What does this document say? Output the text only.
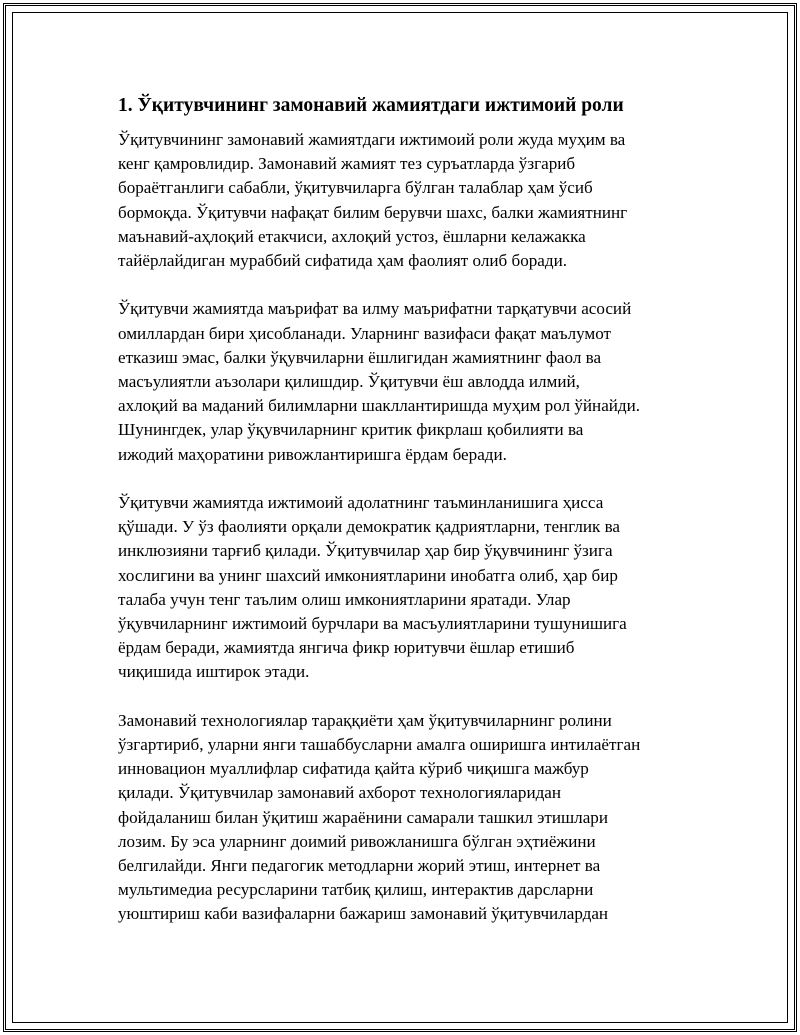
1. Ўқитувчининг замонавий жамиятдаги ижтимоий роли
Ўқитувчининг замонавий жамиятдаги ижтимоий роли жуда муҳим ва
кенг қамровлидир. Замонавий жамият тез суръатларда ўзгариб
бораётганлиги сабабли, ўқитувчиларга бўлган талаблар ҳам ўсиб
бормоқда. Ўқитувчи нафақат билим берувчи шахс, балки жамиятнинг
маънавий-аҳлоқий етакчиси, ахлоқий устоз, ёшларни келажакка
тайёрлайдиган мураббий сифатида ҳам фаолият олиб боради.
Ўқитувчи жамиятда маърифат ва илму маърифатни тарқатувчи асосий
омиллардан бири ҳисобланади. Уларнинг вазифаси фақат маълумот
етказиш эмас, балки ўқувчиларни ёшлигидан жамиятнинг фаол ва
масъулиятли аъзолари қилишдир. Ўқитувчи ёш авлодда илмий,
ахлоқий ва маданий билимларни шакллантиришда муҳим рол ўйнайди.
Шунингдек, улар ўқувчиларнинг критик фикрлаш қобилияти ва
ижодий маҳоратини ривожлантиришга ёрдам беради.
Ўқитувчи жамиятда ижтимоий адолатнинг таъминланишига ҳисса
қўшади. У ўз фаолияти орқали демократик қадриятларни, тенглик ва
инклюзияни тарғиб қилади. Ўқитувчилар ҳар бир ўқувчининг ўзига
хослигини ва унинг шахсий имкониятларини инобатга олиб, ҳар бир
талаба учун тенг таълим олиш имкониятларини яратади. Улар
ўқувчиларнинг ижтимоий бурчлари ва масъулиятларини тушунишига
ёрдам беради, жамиятда янгича фикр юритувчи ёшлар етишиб
чиқишида иштирок этади.
Замонавий технологиялар тараққиёти ҳам ўқитувчиларнинг ролини
ўзгартириб, уларни янги ташаббусларни амалга оширишга интилаётган
инновацион муаллифлар сифатида қайта кўриб чиқишга мажбур
қилади. Ўқитувчилар замонавий ахборот технологияларидан
фойдаланиш билан ўқитиш жараёнини самарали ташкил этишлари
лозим. Бу эса уларнинг доимий ривожланишга бўлган эҳтиёжини
белгилайди. Янги педагогик методларни жорий этиш, интернет ва
мультимедиа ресурсларини татбиқ қилиш, интерактив дарсларни
уюштириш каби вазифаларни бажариш замонавий ўқитувчилардан
